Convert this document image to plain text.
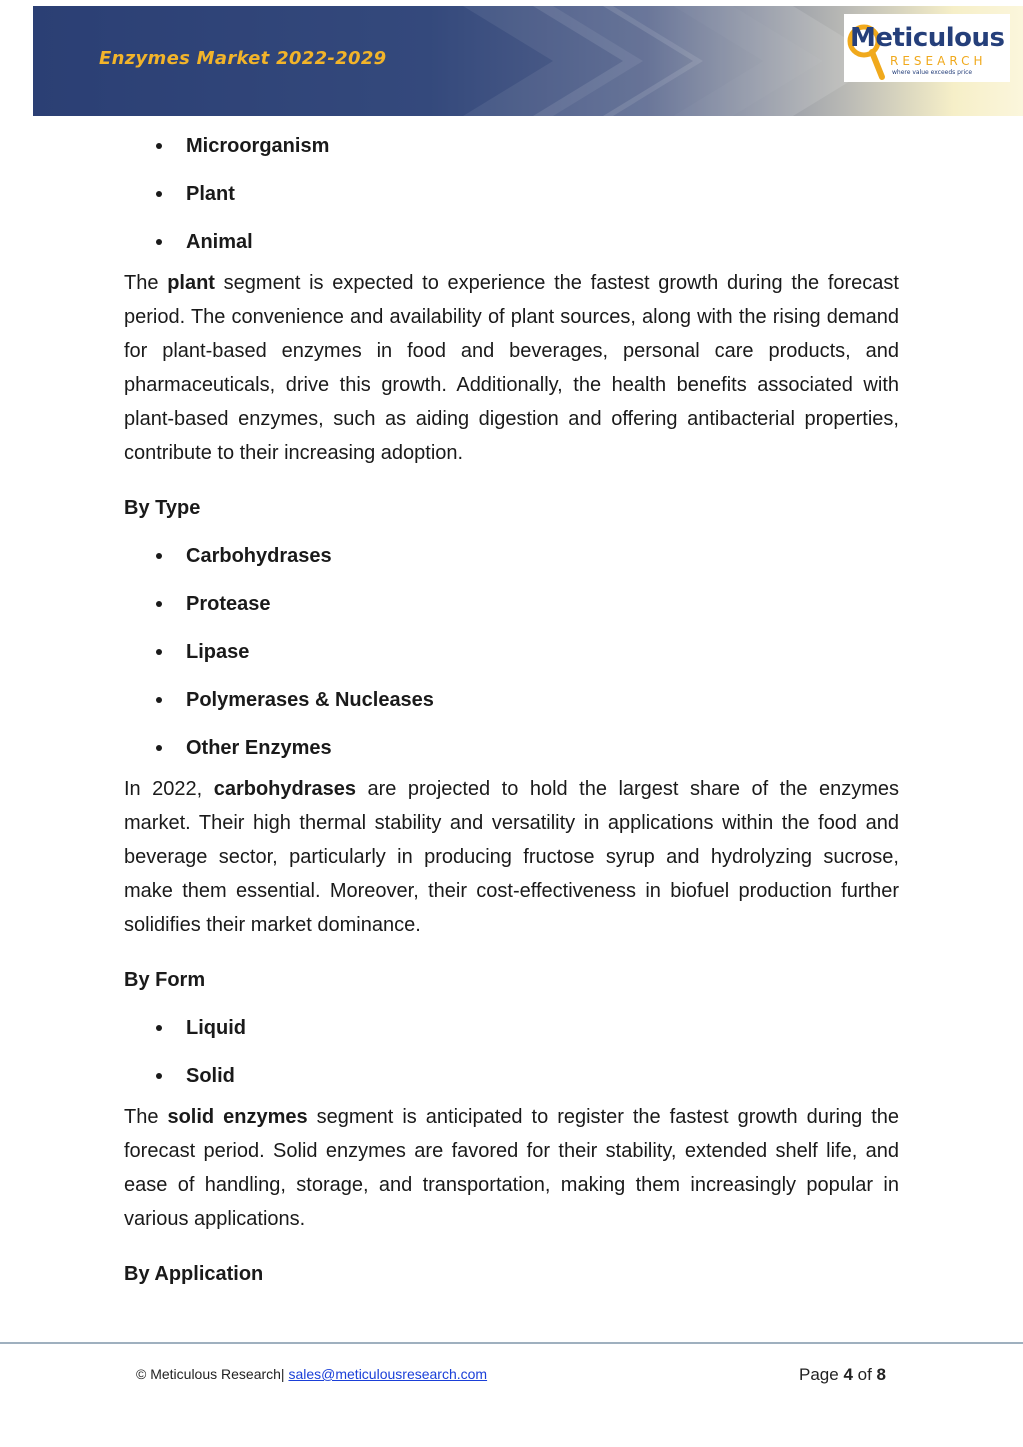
Enzymes Market 2022-2029
Meticulous
RESEARCH
where value exceeds price
Microorganism
Plant
Animal

The plant segment is expected to experience the fastest growth during the forecast period. The convenience and availability of plant sources, along with the rising demand for plant-based enzymes in food and beverages, personal care products, and pharmaceuticals, drive this growth. Additionally, the health benefits associated with plant-based enzymes, such as aiding digestion and offering antibacterial properties, contribute to their increasing adoption.

By Type
Carbohydrases
Protease
Lipase
Polymerases & Nucleases
Other Enzymes

In 2022, carbohydrases are projected to hold the largest share of the enzymes market. Their high thermal stability and versatility in applications within the food and beverage sector, particularly in producing fructose syrup and hydrolyzing sucrose, make them essential. Moreover, their cost-effectiveness in biofuel production further solidifies their market dominance.

By Form
Liquid
Solid

The solid enzymes segment is anticipated to register the fastest growth during the forecast period. Solid enzymes are favored for their stability, extended shelf life, and ease of handling, storage, and transportation, making them increasingly popular in various applications.

By Application
© Meticulous Research| sales@meticulousresearch.com	Page 4 of 8
